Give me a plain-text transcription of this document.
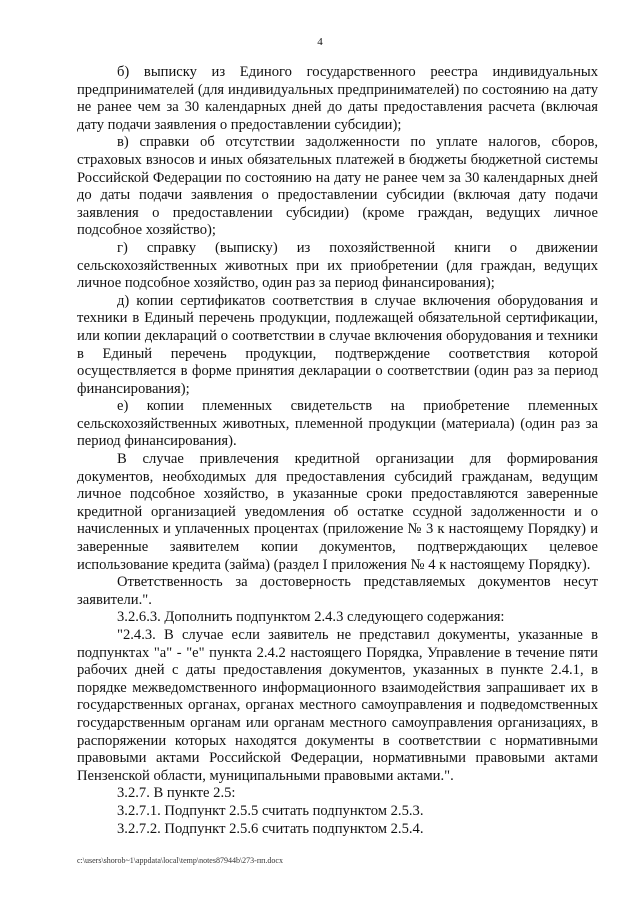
4

б) выписку из Единого государственного реестра индивидуальных предпринимателей (для индивидуальных предпринимателей) по состоянию на дату не ранее чем за 30 календарных дней до даты предоставления расчета (включая дату подачи заявления о предоставлении субсидии);

в) справки об отсутствии задолженности по уплате налогов, сборов, страховых взносов и иных обязательных платежей в бюджеты бюджетной системы Российской Федерации по состоянию на дату не ранее чем за 30 календарных дней до даты подачи заявления о предоставлении субсидии (включая дату подачи заявления о предоставлении субсидии) (кроме граждан, ведущих личное подсобное хозяйство);

г) справку (выписку) из похозяйственной книги о движении сельскохозяйственных животных при их приобретении (для граждан, ведущих личное подсобное хозяйство, один раз за период финансирования);

д) копии сертификатов соответствия в случае включения оборудования и техники в Единый перечень продукции, подлежащей обязательной сертификации, или копии деклараций о соответствии в случае включения оборудования и техники в Единый перечень продукции, подтверждение соответствия которой осуществляется в форме принятия декларации о соответствии (один раз за период финансирования);

е) копии племенных свидетельств на приобретение племенных сельскохозяйственных животных, племенной продукции (материала) (один раз за период финансирования).

В случае привлечения кредитной организации для формирования документов, необходимых для предоставления субсидий гражданам, ведущим личное подсобное хозяйство, в указанные сроки предоставляются заверенные кредитной организацией уведомления об остатке ссудной задолженности и о начисленных и уплаченных процентах (приложение № 3 к настоящему Порядку) и заверенные заявителем копии документов, подтверждающих целевое использование кредита (займа) (раздел I приложения № 4 к настоящему Порядку).

Ответственность за достоверность представляемых документов несут заявители.".

3.2.6.3. Дополнить подпунктом 2.4.3 следующего содержания:

"2.4.3. В случае если заявитель не представил документы, указанные в подпунктах "а" - "е" пункта 2.4.2 настоящего Порядка, Управление в течение пяти рабочих дней с даты предоставления документов, указанных в пункте 2.4.1, в порядке межведомственного информационного взаимодействия запрашивает их в государственных органах, органах местного самоуправления и подведомственных государственным органам или органам местного самоуправления организациях, в распоряжении которых находятся документы в соответствии с нормативными правовыми актами Российской Федерации, нормативными правовыми актами Пензенской области, муниципальными правовыми актами.".

3.2.7. В пункте 2.5:

3.2.7.1. Подпункт 2.5.5 считать подпунктом 2.5.3.

3.2.7.2. Подпункт 2.5.6 считать подпунктом 2.5.4.

c:\users\shorob~1\appdata\local\temp\notes87944b\273-пп.docx
